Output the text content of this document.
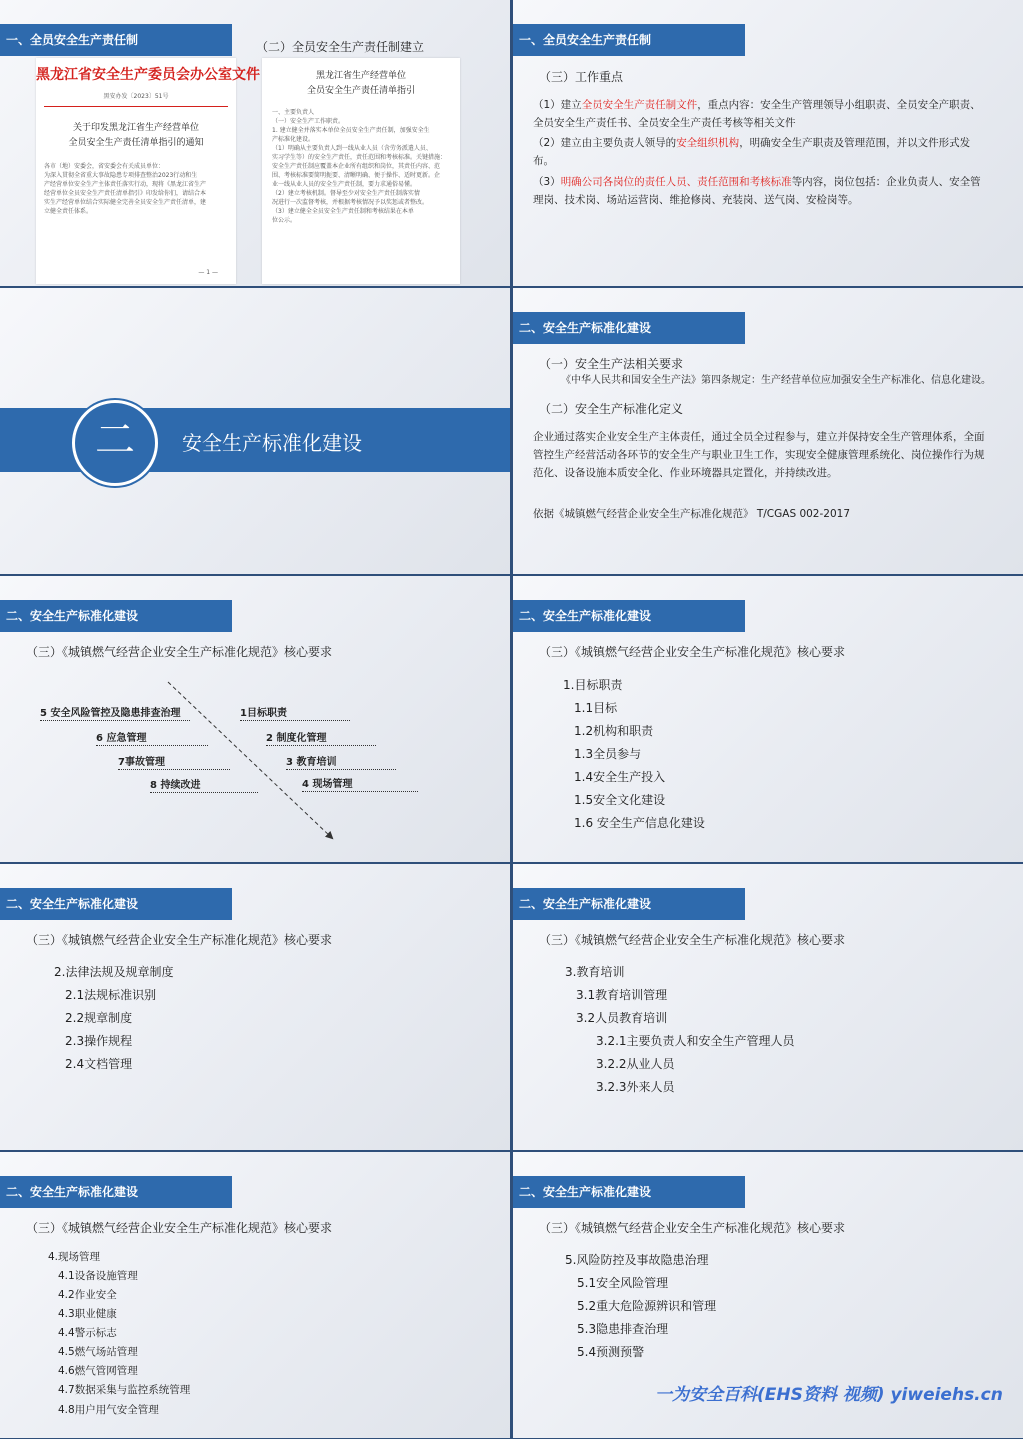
一、全员安全生产责任制	（二）全员安全生产责任制建立
黑龙江省安全生产委员会办公室文件
黑安办发〔2023〕51号
关于印发黑龙江省生产经营单位
全员安全生产责任清单指引的通知
各市（地）安委会，省安委会有关成员单位：
为深入贯彻全省重大事故隐患专项排查整治2023行动和生
产经营单位安全生产主体责任落实行动，现将《黑龙江省生产
经营单位全员安全生产责任清单指引》印发给你们，请结合本
实生产经营单位结合实际健全完善全员安全生产责任清单，建
立健全责任体系。
— 1 —
黑龙江省生产经营单位
全员安全生产责任清单指引
一、主要负责人
（一）安全生产工作职责。
1. 建立健全并落实本单位全员安全生产责任制，加强安全生
产标准化建设。
（1）明确从主要负责人到一线从业人员（含劳务派遣人员、
实习学生等）的安全生产责任，责任范围和考核标准。关键措施：
安全生产责任制应覆盖本企业所有组织和岗位，其责任内容、范
围、考核标准要简明扼要、清晰明确、便于操作、适时更新。企
业一线从业人员的安全生产责任制，要力求通俗易懂。
（2）建立考核机制。督导至少对安全生产责任制落实情
况进行一次监督考核，并根据考核情况予以奖惩或者整改。
（3）建立健全全员安全生产责任制和考核结果在本单
位公示。
一、全员安全生产责任制
（三）工作重点
（1）建立全员安全生产责任制文件，重点内容：安全生产管理领导小组职责、全员安全产职责、全员安全生产责任书、全员安全生产责任考核等相关文件
（2）建立由主要负责人领导的安全组织机构，明确安全生产职责及管理范围，并以文件形式发布。
（3）明确公司各岗位的责任人员、责任范围和考核标准等内容，岗位包括：企业负责人、安全管理岗、技术岗、场站运营岗、维抢修岗、充装岗、送气岗、安检岗等。
二	安全生产标准化建设
二、安全生产标准化建设
（一）安全生产法相关要求
《中华人民共和国安全生产法》第四条规定：生产经营单位应加强安全生产标准化、信息化建设。
（二）安全生产标准化定义
企业通过落实企业安全生产主体责任，通过全员全过程参与，建立并保持安全生产管理体系，全面管控生产经营活动各环节的安全生产与职业卫生工作，实现安全健康管理系统化、岗位操作行为规范化、设备设施本质安全化、作业环境器具定置化，并持续改进。
依据《城镇燃气经营企业安全生产标准化规范》 T/CGAS 002-2017
二、安全生产标准化建设
（三）《城镇燃气经营企业安全生产标准化规范》核心要求
5 安全风险管控及隐患排查治理
6 应急管理
7事故管理
8 持续改进
1目标职责
2 制度化管理
3 教育培训
4 现场管理
二、安全生产标准化建设
（三）《城镇燃气经营企业安全生产标准化规范》核心要求
1.目标职责
1.1目标
1.2机构和职责
1.3全员参与
1.4安全生产投入
1.5安全文化建设
1.6 安全生产信息化建设
二、安全生产标准化建设
（三）《城镇燃气经营企业安全生产标准化规范》核心要求
2.法律法规及规章制度
2.1法规标准识别
2.2规章制度
2.3操作规程
2.4文档管理
二、安全生产标准化建设
（三）《城镇燃气经营企业安全生产标准化规范》核心要求
3.教育培训
3.1教育培训管理
3.2人员教育培训
3.2.1主要负责人和安全生产管理人员
3.2.2从业人员
3.2.3外来人员
二、安全生产标准化建设
（三）《城镇燃气经营企业安全生产标准化规范》核心要求
4.现场管理
4.1设备设施管理
4.2作业安全
4.3职业健康
4.4警示标志
4.5燃气场站管理
4.6燃气管网管理
4.7数据采集与监控系统管理
4.8用户用气安全管理
二、安全生产标准化建设
（三）《城镇燃气经营企业安全生产标准化规范》核心要求
5.风险防控及事故隐患治理
5.1安全风险管理
5.2重大危险源辨识和管理
5.3隐患排查治理
5.4预测预警
一为安全百科(EHS资料 视频) yiweiehs.cn
